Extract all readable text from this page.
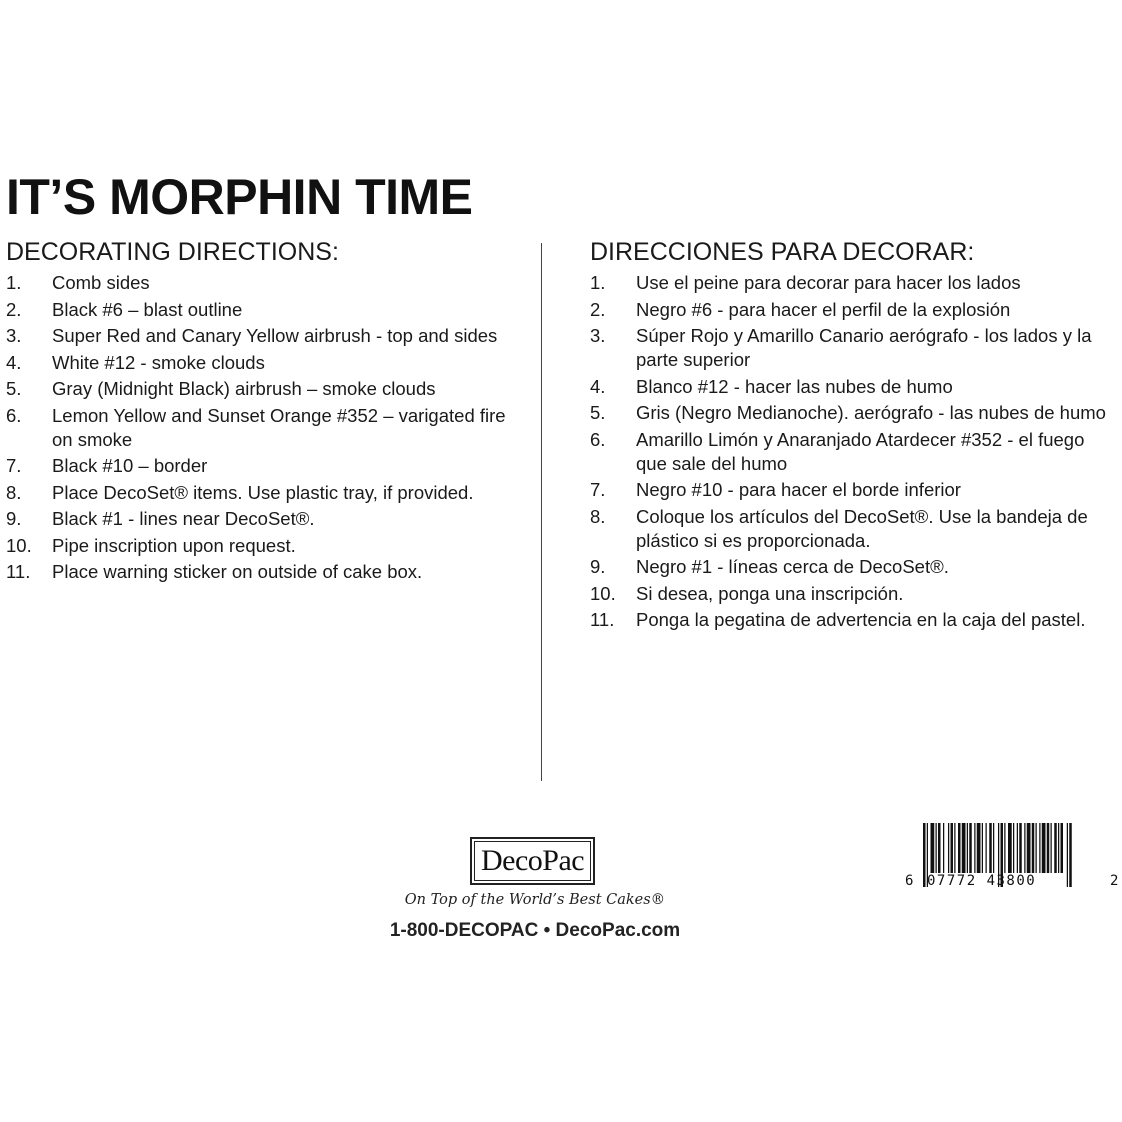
IT’S MORPHIN TIME
DECORATING DIRECTIONS:
1. Comb sides
2. Black #6 – blast outline
3. Super Red and Canary Yellow airbrush - top and sides
4. White #12 - smoke clouds
5. Gray (Midnight Black) airbrush – smoke clouds
6. Lemon Yellow and Sunset Orange #352 – varigated fire on smoke
7. Black #10 – border
8. Place DecoSet® items. Use plastic tray, if provided.
9. Black #1 - lines near DecoSet®.
10. Pipe inscription upon request.
11. Place warning sticker on outside of cake box.
DIRECCIONES PARA DECORAR:
1. Use el peine para decorar para hacer los lados
2. Negro #6 - para hacer el perfil de la explosión
3. Súper Rojo y Amarillo Canario aerógrafo - los lados y la parte superior
4. Blanco #12 - hacer las nubes de humo
5. Gris (Negro Medianoche). aerógrafo - las nubes de humo
6. Amarillo Limón y Anaranjado Atardecer #352 - el fuego que sale del humo
7. Negro #10 - para hacer el borde inferior
8. Coloque los artículos del DecoSet®. Use la bandeja de plástico si es proporcionada.
9. Negro #1 - líneas cerca de DecoSet®.
10. Si desea, ponga una inscripción.
11. Ponga la pegatina de advertencia en la caja del pastel.
DecoPac
On Top of the World’s Best Cakes®
1-800-DECOPAC • DecoPac.com
6 07772 43800	2
